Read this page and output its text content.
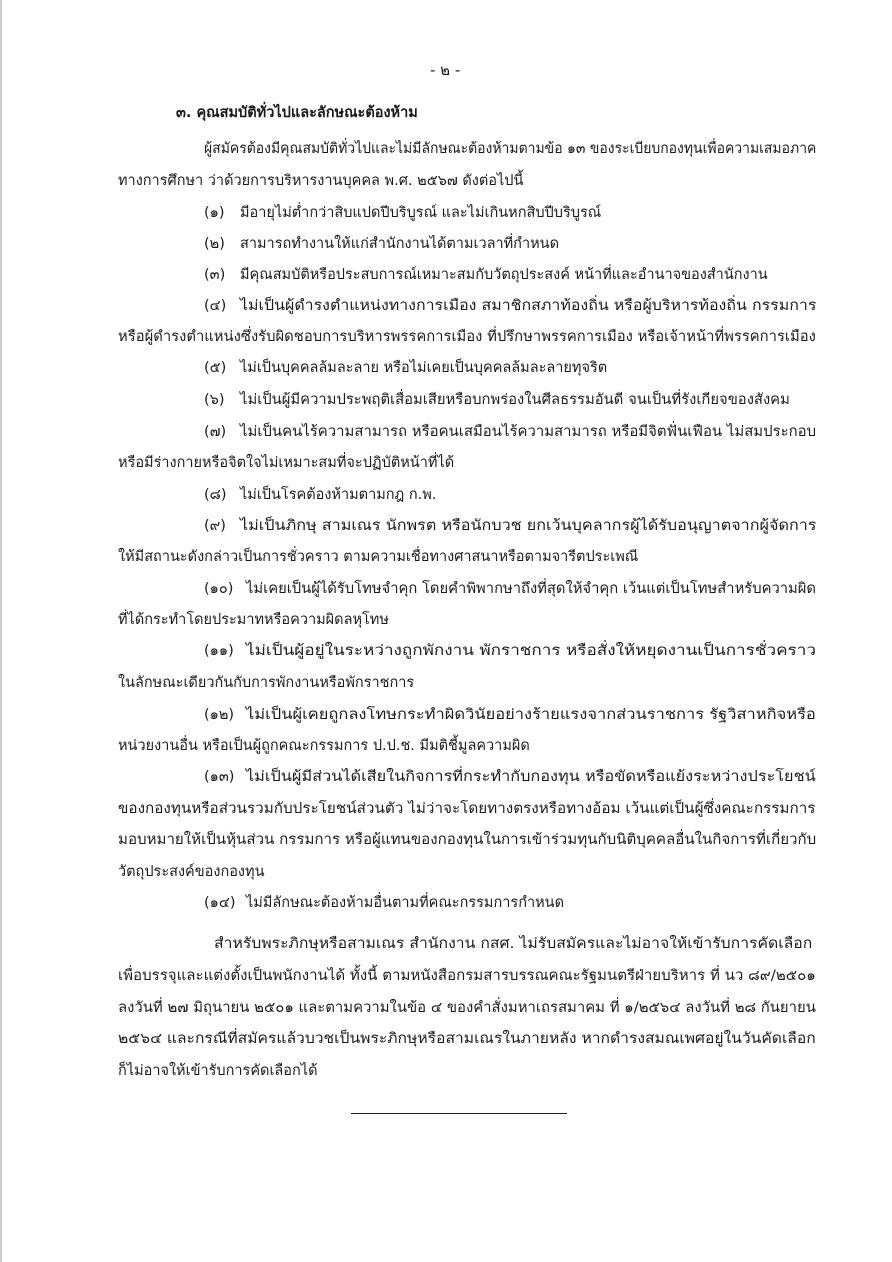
- ๒ -
๓. คุณสมบัติทั่วไปและลักษณะต้องห้าม
ผู้สมัครต้องมีคุณสมบัติทั่วไปและไม่มีลักษณะต้องห้ามตามข้อ ๑๓ ของระเบียบกองทุนเพื่อความเสมอภาค
ทางการศึกษา ว่าด้วยการบริหารงานบุคคล พ.ศ. ๒๕๖๗ ดังต่อไปนี้
(๑) มีอายุไม่ต่ำกว่าสิบแปดปีบริบูรณ์ และไม่เกินหกสิบปีบริบูรณ์
(๒) สามารถทำงานให้แก่สำนักงานได้ตามเวลาที่กำหนด
(๓) มีคุณสมบัติหรือประสบการณ์เหมาะสมกับวัตถุประสงค์ หน้าที่และอำนาจของสำนักงาน
(๔) ไม่เป็นผู้ดำรงตำแหน่งทางการเมือง สมาชิกสภาท้องถิ่น หรือผู้บริหารท้องถิ่น กรรมการ
หรือผู้ดำรงตำแหน่งซึ่งรับผิดชอบการบริหารพรรคการเมือง ที่ปรึกษาพรรคการเมือง หรือเจ้าหน้าที่พรรคการเมือง
(๕) ไม่เป็นบุคคลล้มละลาย หรือไม่เคยเป็นบุคคลล้มละลายทุจริต
(๖) ไม่เป็นผู้มีความประพฤติเสื่อมเสียหรือบกพร่องในศีลธรรมอันดี จนเป็นที่รังเกียจของสังคม
(๗) ไม่เป็นคนไร้ความสามารถ หรือคนเสมือนไร้ความสามารถ หรือมีจิตฟั่นเฟือน ไม่สมประกอบ
หรือมีร่างกายหรือจิตใจไม่เหมาะสมที่จะปฏิบัติหน้าที่ได้
(๘) ไม่เป็นโรคต้องห้ามตามกฎ ก.พ.
(๙) ไม่เป็นภิกษุ สามเณร นักพรต หรือนักบวช ยกเว้นบุคลากรผู้ได้รับอนุญาตจากผู้จัดการ
ให้มีสถานะดังกล่าวเป็นการชั่วคราว ตามความเชื่อทางศาสนาหรือตามจารีตประเพณี
(๑๐) ไม่เคยเป็นผู้ได้รับโทษจำคุก โดยคำพิพากษาถึงที่สุดให้จำคุก เว้นแต่เป็นโทษสำหรับความผิด
ที่ได้กระทำโดยประมาทหรือความผิดลหุโทษ
(๑๑) ไม่เป็นผู้อยู่ในระหว่างถูกพักงาน พักราชการ หรือสั่งให้หยุดงานเป็นการชั่วคราว
ในลักษณะเดียวกันกับการพักงานหรือพักราชการ
(๑๒) ไม่เป็นผู้เคยถูกลงโทษกระทำผิดวินัยอย่างร้ายแรงจากส่วนราชการ รัฐวิสาหกิจหรือ
หน่วยงานอื่น หรือเป็นผู้ถูกคณะกรรมการ ป.ป.ช. มีมติชี้มูลความผิด
(๑๓) ไม่เป็นผู้มีส่วนได้เสียในกิจการที่กระทำกับกองทุน หรือขัดหรือแย้งระหว่างประโยชน์
ของกองทุนหรือส่วนรวมกับประโยชน์ส่วนตัว ไม่ว่าจะโดยทางตรงหรือทางอ้อม เว้นแต่เป็นผู้ซึ่งคณะกรรมการ
มอบหมายให้เป็นหุ้นส่วน กรรมการ หรือผู้แทนของกองทุนในการเข้าร่วมทุนกับนิติบุคคลอื่นในกิจการที่เกี่ยวกับ
วัตถุประสงค์ของกองทุน
(๑๔) ไม่มีลักษณะต้องห้ามอื่นตามที่คณะกรรมการกำหนด
สำหรับพระภิกษุหรือสามเณร สำนักงาน กสศ. ไม่รับสมัครและไม่อาจให้เข้ารับการคัดเลือก
เพื่อบรรจุและแต่งตั้งเป็นพนักงานได้ ทั้งนี้ ตามหนังสือกรมสารบรรณคณะรัฐมนตรีฝ่ายบริหาร ที่ นว ๘๙/๒๕๐๑
ลงวันที่ ๒๗ มิถุนายน ๒๕๐๑ และตามความในข้อ ๔ ของคำสั่งมหาเถรสมาคม ที่ ๑/๒๕๖๔ ลงวันที่ ๒๘ กันยายน
๒๕๖๔ และกรณีที่สมัครแล้วบวชเป็นพระภิกษุหรือสามเณรในภายหลัง หากดำรงสมณเพศอยู่ในวันคัดเลือก
ก็ไม่อาจให้เข้ารับการคัดเลือกได้
